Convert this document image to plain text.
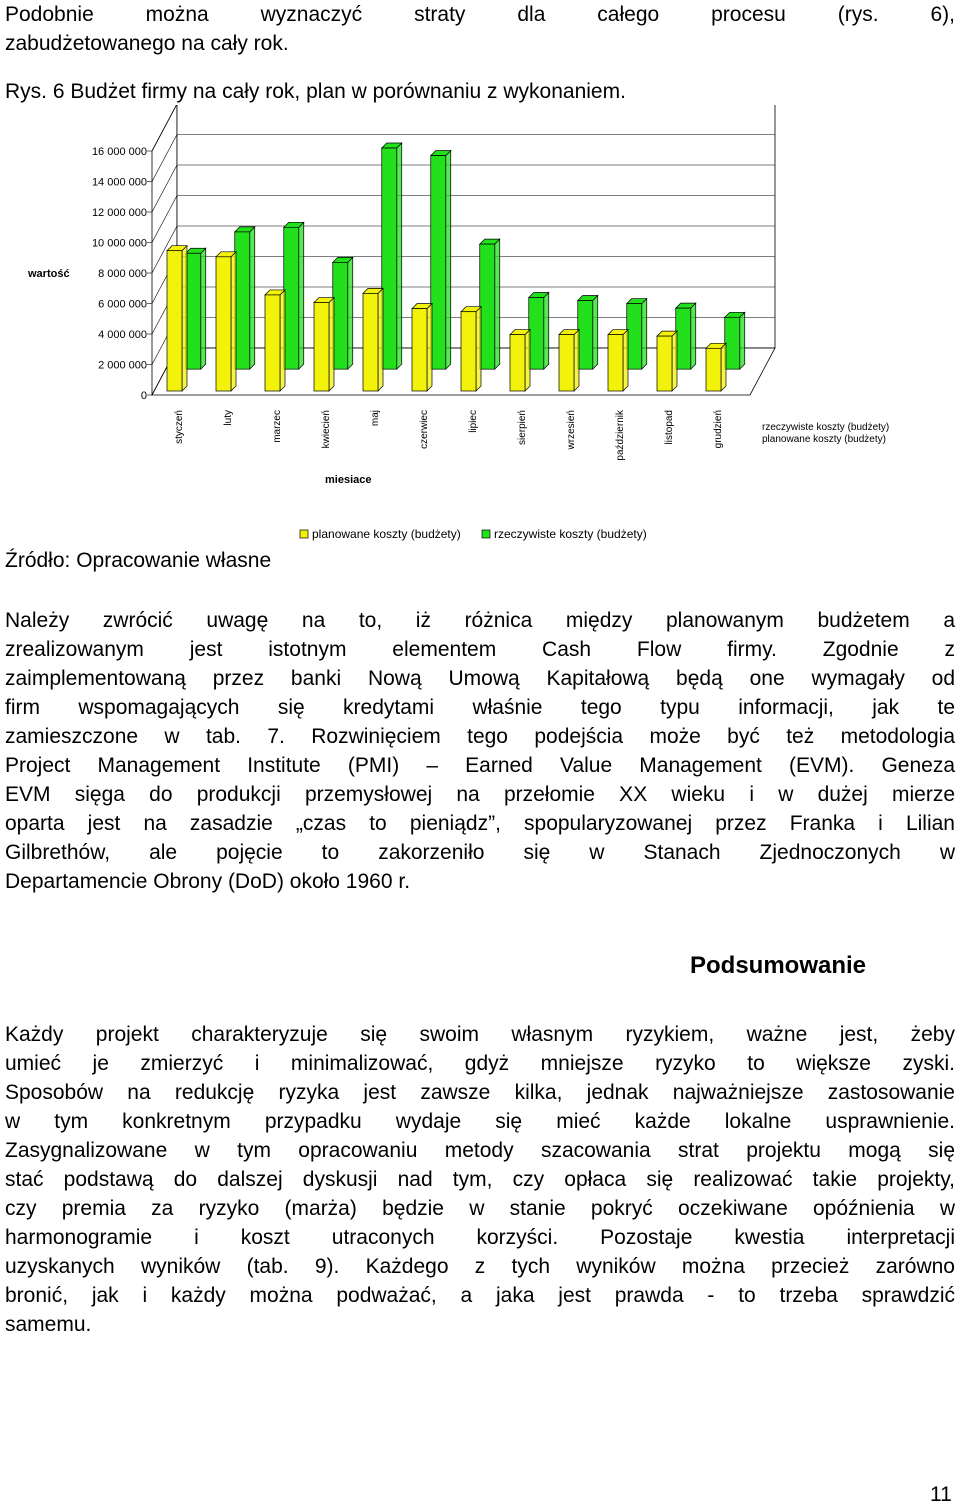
Podobnie można wyznaczyć straty dla całego procesu (rys. 6),
zabudżetowanego na cały rok.

Rys. 6 Budżet firmy na cały rok, plan w porównaniu z wykonaniem.

0
2 000 000
4 000 000
6 000 000
8 000 000
10 000 000
12 000 000
14 000 000
16 000 000
wartość
miesiace
styczeń	luty	marzec	kwiecień	maj	czerwiec	lipiec	sierpień	wrzesień	październik	listopad	grudzień	rzeczywiste koszty (budżety)
planowane koszty (budżety)
planowane koszty (budżety)	rzeczywiste koszty (budżety)

Źródło: Opracowanie własne

Należy zwrócić uwagę na to, iż różnica między planowanym budżetem a
zrealizowanym jest istotnym elementem Cash Flow firmy. Zgodnie z
zaimplementowaną przez banki Nową Umową Kapitałową będą one wymagały od
firm wspomagających się kredytami właśnie tego typu informacji, jak te
zamieszczone w tab. 7. Rozwinięciem tego podejścia może być też metodologia
Project Management Institute (PMI) – Earned Value Management (EVM). Geneza
EVM sięga do produkcji przemysłowej na przełomie XX wieku i w dużej mierze
oparta jest na zasadzie „czas to pieniądz”, spopularyzowanej przez Franka i Lilian
Gilbrethów, ale pojęcie to zakorzeniło się w Stanach Zjednoczonych w
Departamencie Obrony (DoD) około 1960 r.

Podsumowanie

Każdy projekt charakteryzuje się swoim własnym ryzykiem, ważne jest, żeby
umieć je zmierzyć i minimalizować, gdyż mniejsze ryzyko to większe zyski.
Sposobów na redukcję ryzyka jest zawsze kilka, jednak najważniejsze zastosowanie
w tym konkretnym przypadku wydaje się mieć każde lokalne usprawnienie.
Zasygnalizowane w tym opracowaniu metody szacowania strat projektu mogą się
stać podstawą do dalszej dyskusji nad tym, czy opłaca się realizować takie projekty,
czy premia za ryzyko (marża) będzie w stanie pokryć oczekiwane opóźnienia w
harmonogramie i koszt utraconych korzyści. Pozostaje kwestia interpretacji
uzyskanych wyników (tab. 9). Każdego z tych wyników można przecież zarówno
bronić, jak i każdy można podważać, a jaka jest prawda - to trzeba sprawdzić
samemu.

11
